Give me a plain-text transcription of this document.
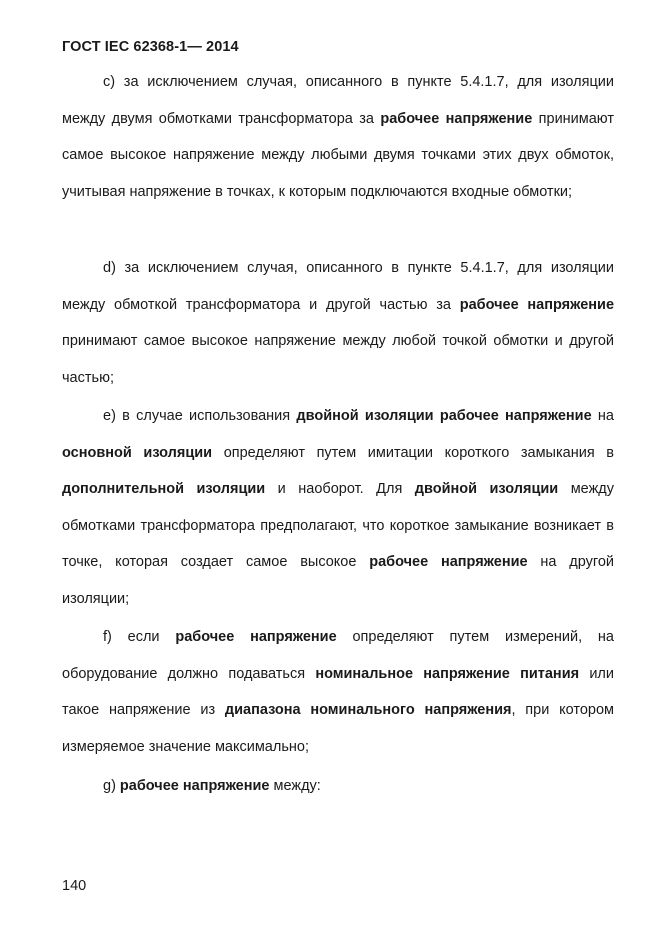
ГОСТ IEC 62368-1— 2014

c) за исключением случая, описанного в пункте 5.4.1.7, для изоляции между двумя обмотками трансформатора за рабочее напряжение принимают самое высокое напряжение между любыми двумя точками этих двух обмоток, учитывая напряжение в точках, к которым подключаются входные обмотки;

d) за исключением случая, описанного в пункте 5.4.1.7, для изоляции между обмоткой трансформатора и другой частью за рабочее напряжение принимают самое высокое напряжение между любой точкой обмотки и другой частью;

e) в случае использования двойной изоляции рабочее напряжение на основной изоляции определяют путем имитации короткого замыкания в дополнительной изоляции и наоборот. Для двойной изоляции между обмотками трансформатора предполагают, что короткое замыкание возникает в точке, которая создает самое высокое рабочее напряжение на другой изоляции;

f) если рабочее напряжение определяют путем измерений, на оборудование должно подаваться номинальное напряжение питания или такое напряжение из диапазона номинального напряжения, при котором измеряемое значение максимально;

g) рабочее напряжение между:

140
